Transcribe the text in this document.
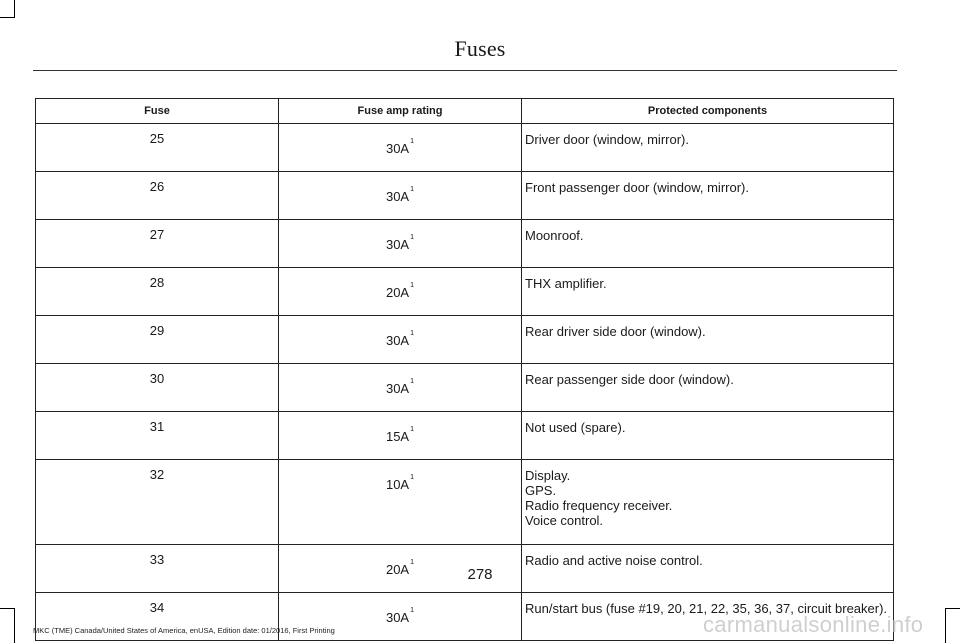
Fuses
Fuse	Fuse amp rating	Protected components
25	$30A^1$	Driver door (window, mirror).

26	$30A^1$	Front passenger door (window, mirror).

27	$30A^1$	Moonroof.

28	$20A^1$	THX amplifier.

29	$30A^1$	Rear driver side door (window).

30	$30A^1$	Rear passenger side door (window).

31	$15A^1$	Not used (spare).

32	$10A^1$	Display.
GPS.
Radio frequency receiver.
Voice control.

33	$20A^1$	Radio and active noise control.

34	$30A^1$	Run/start bus (fuse #19, 20, 21, 22, 35, 36, 37, circuit breaker).
278
MKC (TME) Canada/United States of America, enUSA, Edition date: 01/2016, First Printing	carmanualsonline.info
